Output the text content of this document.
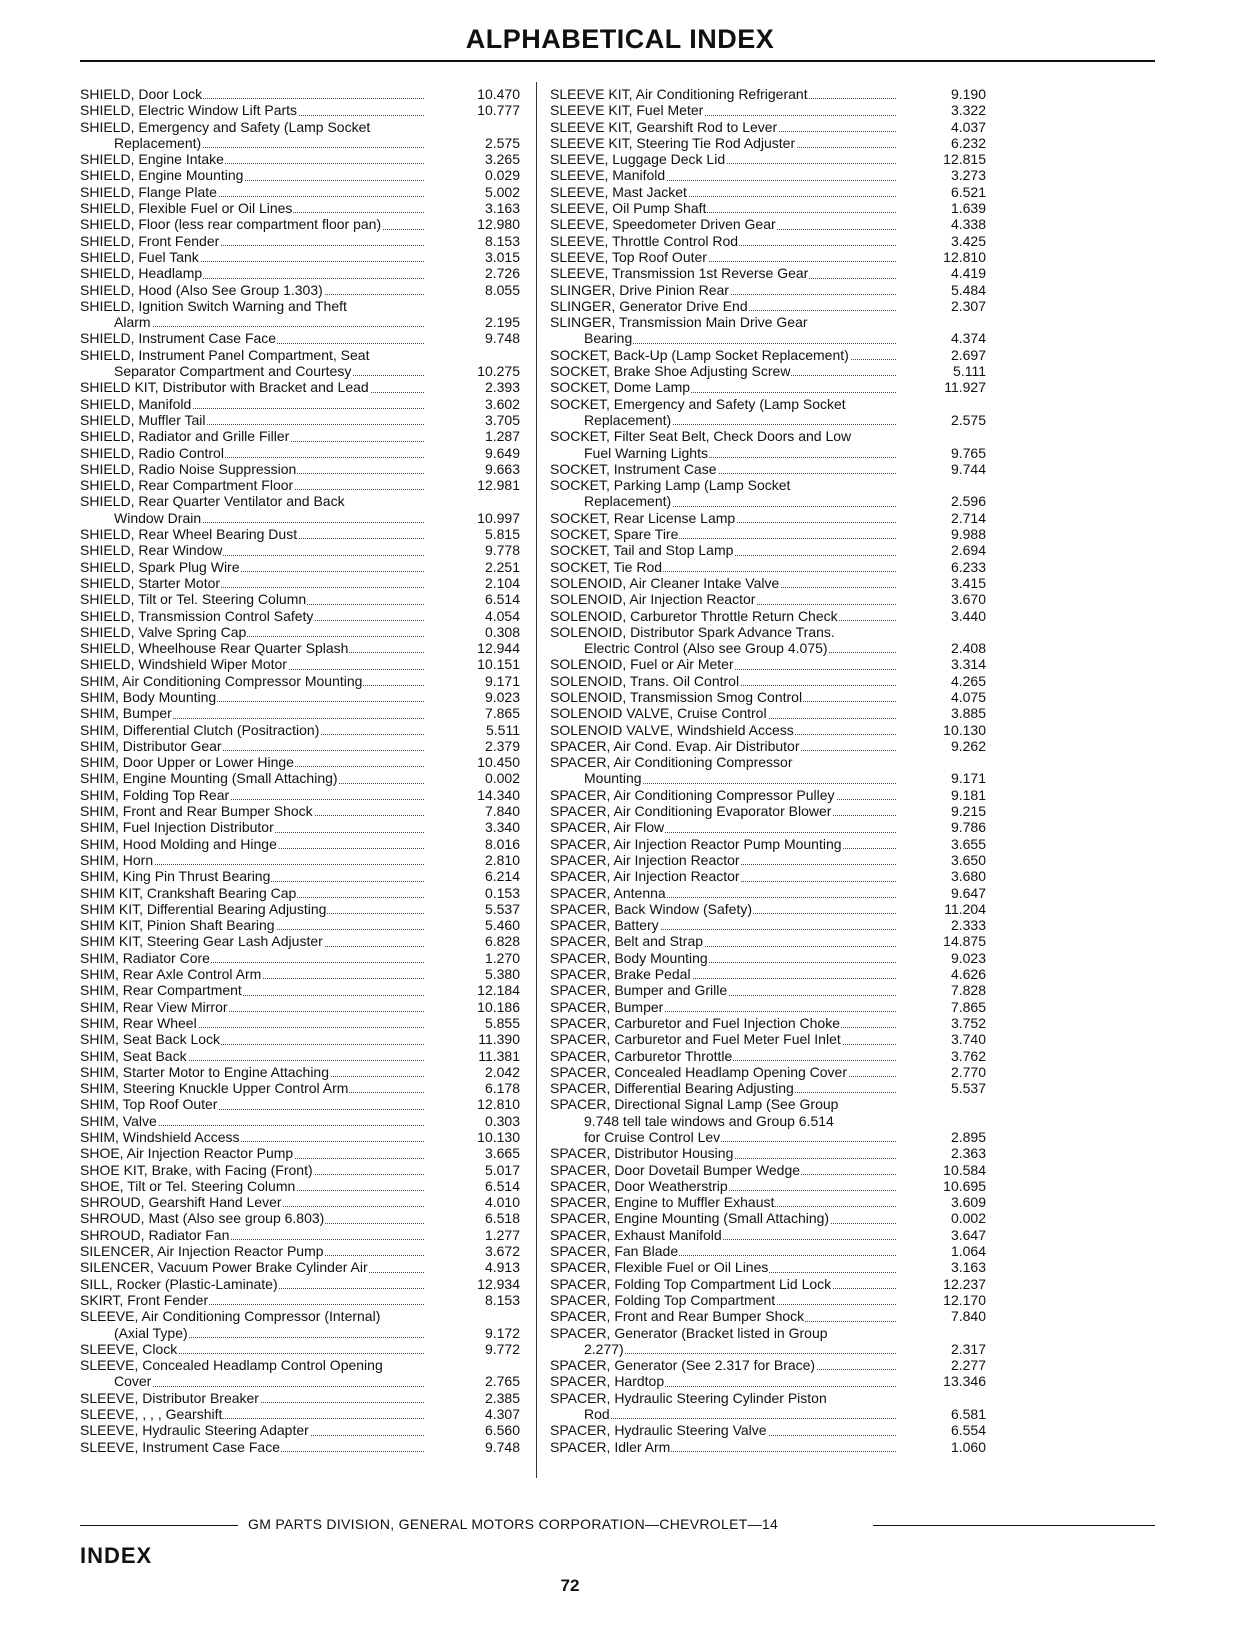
ALPHABETICAL INDEX
SHIELD, Door Lock	10.470
SHIELD, Electric Window Lift Parts	10.777
SHIELD, Emergency and Safety (Lamp Socket
Replacement)	2.575
SHIELD, Engine Intake	3.265
SHIELD, Engine Mounting	0.029
SHIELD, Flange Plate	5.002
SHIELD, Flexible Fuel or Oil Lines	3.163
SHIELD, Floor (less rear compartment floor pan)	12.980
SHIELD, Front Fender	8.153
SHIELD, Fuel Tank	3.015
SHIELD, Headlamp	2.726
SHIELD, Hood (Also See Group 1.303)	8.055
SHIELD, Ignition Switch Warning and Theft
Alarm	2.195
SHIELD, Instrument Case Face	9.748
SHIELD, Instrument Panel Compartment, Seat
Separator Compartment and Courtesy	10.275
SHIELD KIT, Distributor with Bracket and Lead	2.393
SHIELD, Manifold	3.602
SHIELD, Muffler Tail	3.705
SHIELD, Radiator and Grille Filler	1.287
SHIELD, Radio Control	9.649
SHIELD, Radio Noise Suppression	9.663
SHIELD, Rear Compartment Floor	12.981
SHIELD, Rear Quarter Ventilator and Back
Window Drain	10.997
SHIELD, Rear Wheel Bearing Dust	5.815
SHIELD, Rear Window	9.778
SHIELD, Spark Plug Wire	2.251
SHIELD, Starter Motor	2.104
SHIELD, Tilt or Tel. Steering Column	6.514
SHIELD, Transmission Control Safety	4.054
SHIELD, Valve Spring Cap	0.308
SHIELD, Wheelhouse Rear Quarter Splash	12.944
SHIELD, Windshield Wiper Motor	10.151
SHIM, Air Conditioning Compressor Mounting	9.171
SHIM, Body Mounting	9.023
SHIM, Bumper	7.865
SHIM, Differential Clutch (Positraction)	5.511
SHIM, Distributor Gear	2.379
SHIM, Door Upper or Lower Hinge	10.450
SHIM, Engine Mounting (Small Attaching)	0.002
SHIM, Folding Top Rear	14.340
SHIM, Front and Rear Bumper Shock	7.840
SHIM, Fuel Injection Distributor	3.340
SHIM, Hood Molding and Hinge	8.016
SHIM, Horn	2.810
SHIM, King Pin Thrust Bearing	6.214
SHIM KIT, Crankshaft Bearing Cap	0.153
SHIM KIT, Differential Bearing Adjusting	5.537
SHIM KIT, Pinion Shaft Bearing	5.460
SHIM KIT, Steering Gear Lash Adjuster	6.828
SHIM, Radiator Core	1.270
SHIM, Rear Axle Control Arm	5.380
SHIM, Rear Compartment	12.184
SHIM, Rear View Mirror	10.186
SHIM, Rear Wheel	5.855
SHIM, Seat Back Lock	11.390
SHIM, Seat Back	11.381
SHIM, Starter Motor to Engine Attaching	2.042
SHIM, Steering Knuckle Upper Control Arm	6.178
SHIM, Top Roof Outer	12.810
SHIM, Valve	0.303
SHIM, Windshield Access	10.130
SHOE, Air Injection Reactor Pump	3.665
SHOE KIT, Brake, with Facing (Front)	5.017
SHOE, Tilt or Tel. Steering Column	6.514
SHROUD, Gearshift Hand Lever	4.010
SHROUD, Mast (Also see group 6.803)	6.518
SHROUD, Radiator Fan	1.277
SILENCER, Air Injection Reactor Pump	3.672
SILENCER, Vacuum Power Brake Cylinder Air	4.913
SILL, Rocker (Plastic-Laminate)	12.934
SKIRT, Front Fender	8.153
SLEEVE, Air Conditioning Compressor (Internal)
(Axial Type)	9.172
SLEEVE, Clock	9.772
SLEEVE, Concealed Headlamp Control Opening
Cover	2.765
SLEEVE, Distributor Breaker	2.385
SLEEVE, , , , Gearshift	4.307
SLEEVE, Hydraulic Steering Adapter	6.560
SLEEVE, Instrument Case Face	9.748
SLEEVE KIT, Air Conditioning Refrigerant	9.190
SLEEVE KIT, Fuel Meter	3.322
SLEEVE KIT, Gearshift Rod to Lever	4.037
SLEEVE KIT, Steering Tie Rod Adjuster	6.232
SLEEVE, Luggage Deck Lid	12.815
SLEEVE, Manifold	3.273
SLEEVE, Mast Jacket	6.521
SLEEVE, Oil Pump Shaft	1.639
SLEEVE, Speedometer Driven Gear	4.338
SLEEVE, Throttle Control Rod	3.425
SLEEVE, Top Roof Outer	12.810
SLEEVE, Transmission 1st Reverse Gear	4.419
SLINGER, Drive Pinion Rear	5.484
SLINGER, Generator Drive End	2.307
SLINGER, Transmission Main Drive Gear
Bearing	4.374
SOCKET, Back-Up (Lamp Socket Replacement)	2.697
SOCKET, Brake Shoe Adjusting Screw	5.111
SOCKET, Dome Lamp	11.927
SOCKET, Emergency and Safety (Lamp Socket
Replacement)	2.575
SOCKET, Filter Seat Belt, Check Doors and Low
Fuel Warning Lights	9.765
SOCKET, Instrument Case	9.744
SOCKET, Parking Lamp (Lamp Socket
Replacement)	2.596
SOCKET, Rear License Lamp	2.714
SOCKET, Spare Tire	9.988
SOCKET, Tail and Stop Lamp	2.694
SOCKET, Tie Rod	6.233
SOLENOID, Air Cleaner Intake Valve	3.415
SOLENOID, Air Injection Reactor	3.670
SOLENOID, Carburetor Throttle Return Check	3.440
SOLENOID, Distributor Spark Advance Trans.
Electric Control (Also see Group 4.075)	2.408
SOLENOID, Fuel or Air Meter	3.314
SOLENOID, Trans. Oil Control	4.265
SOLENOID, Transmission Smog Control	4.075
SOLENOID VALVE, Cruise Control	3.885
SOLENOID VALVE, Windshield Access	10.130
SPACER, Air Cond. Evap. Air Distributor	9.262
SPACER, Air Conditioning Compressor
Mounting	9.171
SPACER, Air Conditioning Compressor Pulley	9.181
SPACER, Air Conditioning Evaporator Blower	9.215
SPACER, Air Flow	9.786
SPACER, Air Injection Reactor Pump Mounting	3.655
SPACER, Air Injection Reactor	3.650
SPACER, Air Injection Reactor	3.680
SPACER, Antenna	9.647
SPACER, Back Window (Safety)	11.204
SPACER, Battery	2.333
SPACER, Belt and Strap	14.875
SPACER, Body Mounting	9.023
SPACER, Brake Pedal	4.626
SPACER, Bumper and Grille	7.828
SPACER, Bumper	7.865
SPACER, Carburetor and Fuel Injection Choke	3.752
SPACER, Carburetor and Fuel Meter Fuel Inlet	3.740
SPACER, Carburetor Throttle	3.762
SPACER, Concealed Headlamp Opening Cover	2.770
SPACER, Differential Bearing Adjusting	5.537
SPACER, Directional Signal Lamp (See Group
9.748 tell tale windows and Group 6.514
for Cruise Control Lev	2.895
SPACER, Distributor Housing	2.363
SPACER, Door Dovetail Bumper Wedge	10.584
SPACER, Door Weatherstrip	10.695
SPACER, Engine to Muffler Exhaust	3.609
SPACER, Engine Mounting (Small Attaching)	0.002
SPACER, Exhaust Manifold	3.647
SPACER, Fan Blade	1.064
SPACER, Flexible Fuel or Oil Lines	3.163
SPACER, Folding Top Compartment Lid Lock	12.237
SPACER, Folding Top Compartment	12.170
SPACER, Front and Rear Bumper Shock	7.840
SPACER, Generator (Bracket listed in Group
2.277)	2.317
SPACER, Generator (See 2.317 for Brace)	2.277
SPACER, Hardtop	13.346
SPACER, Hydraulic Steering Cylinder Piston
Rod	6.581
SPACER, Hydraulic Steering Valve	6.554
SPACER, Idler Arm	1.060
GM PARTS DIVISION, GENERAL MOTORS CORPORATION—CHEVROLET—14
INDEX
72
